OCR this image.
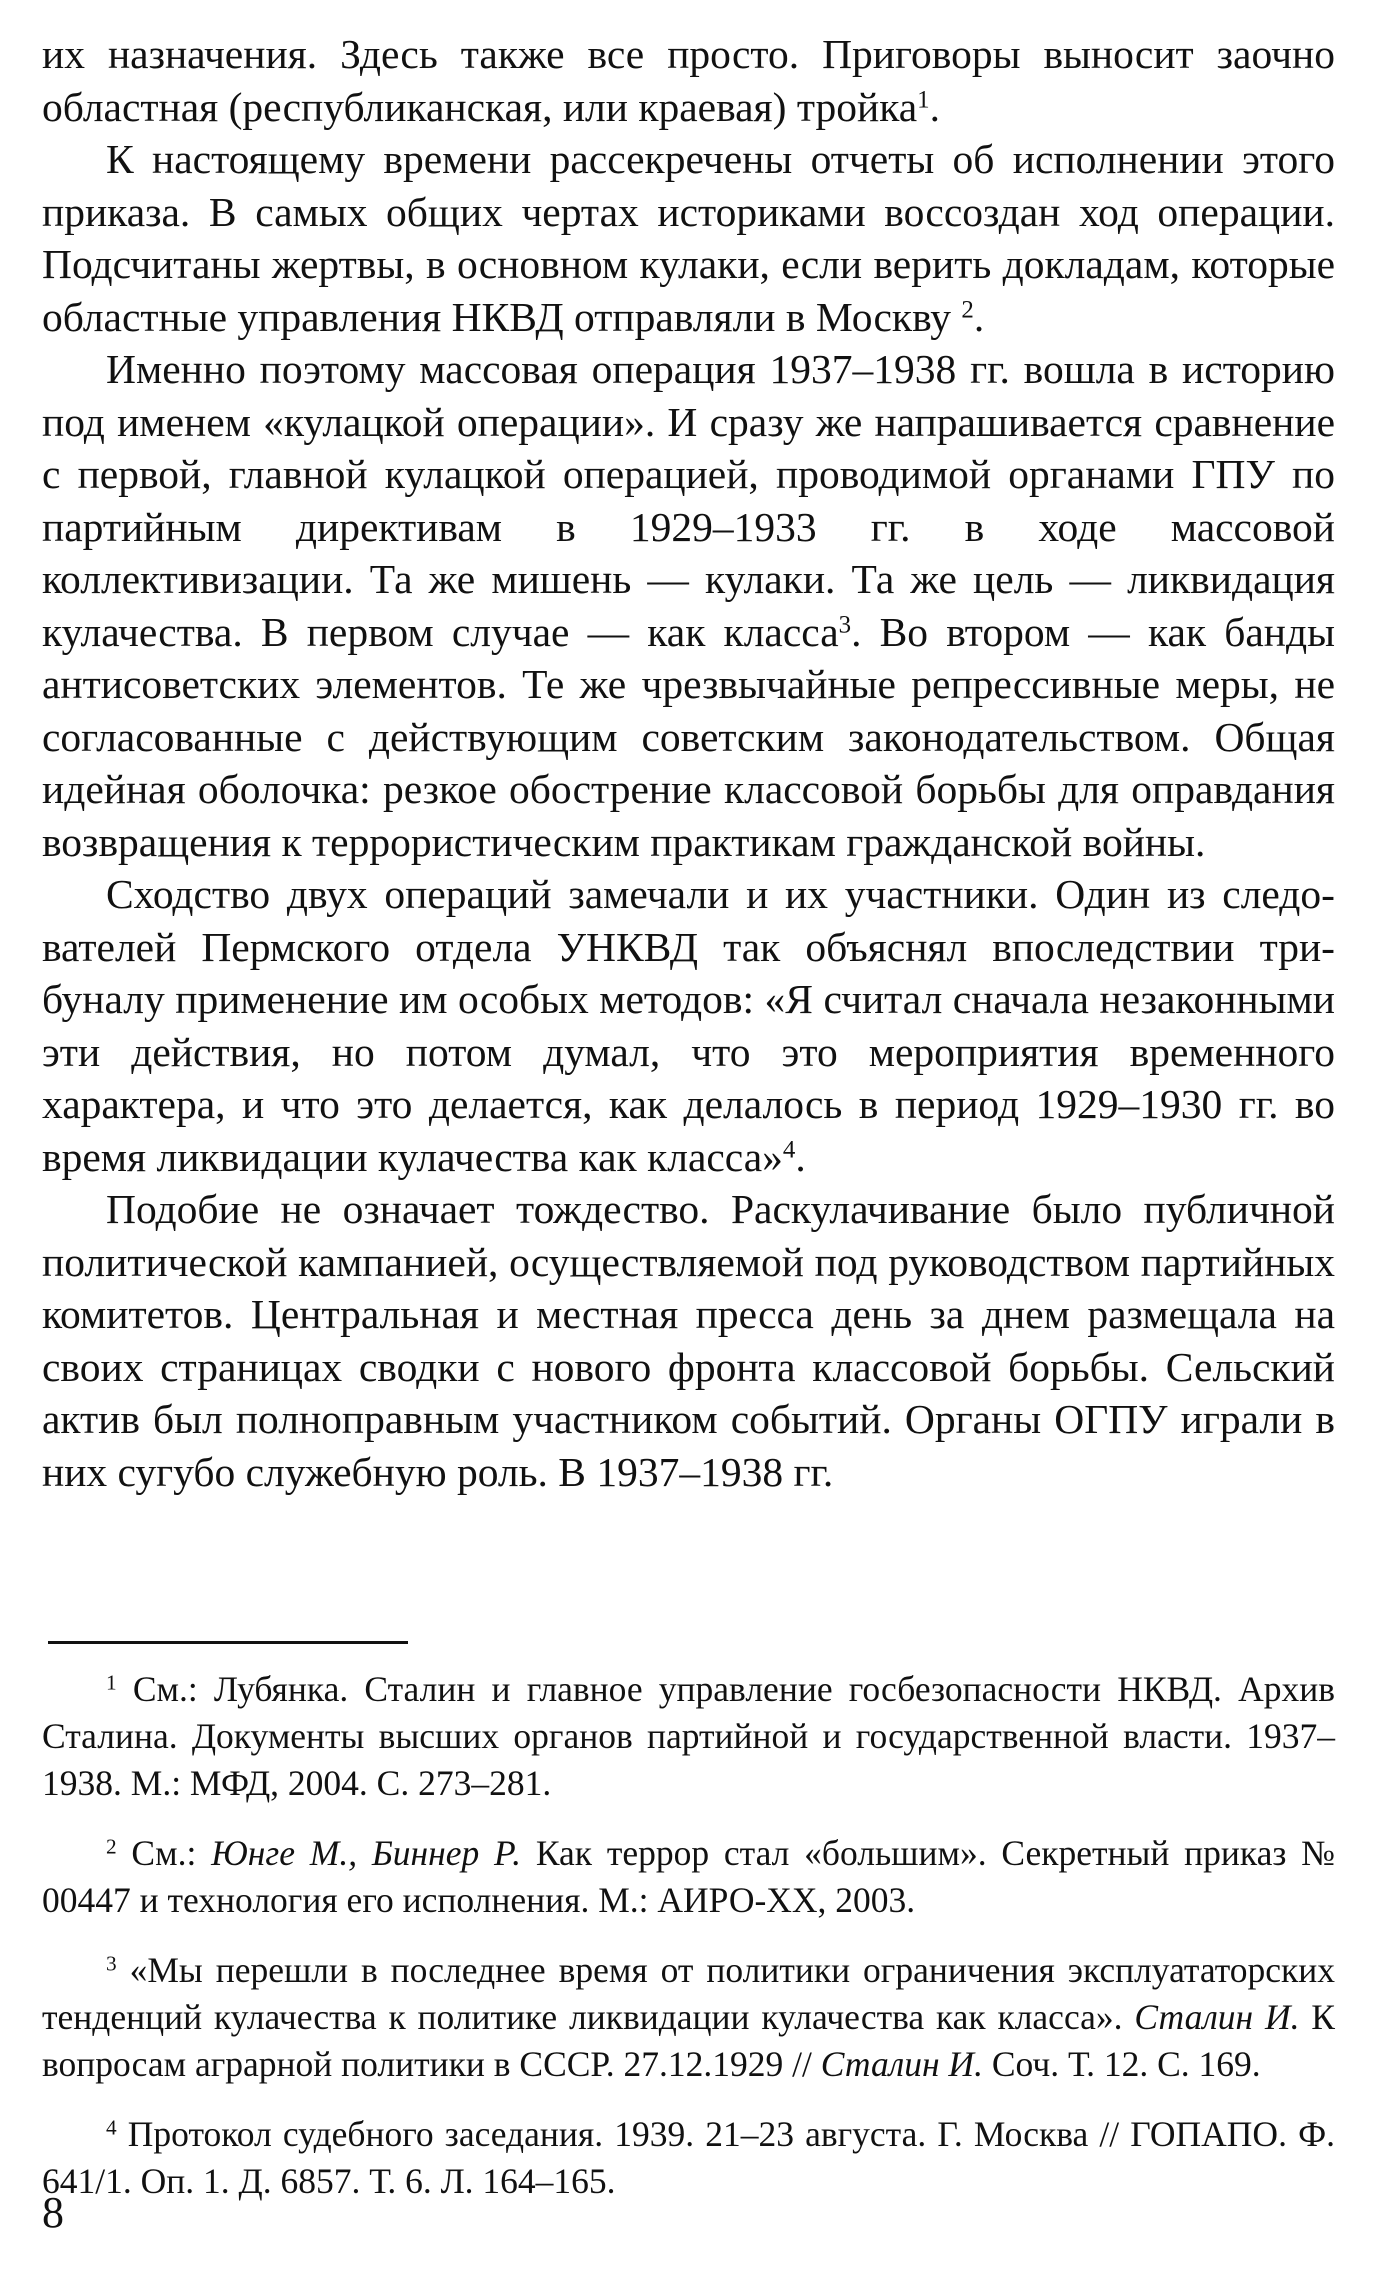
их назначения. Здесь также все просто. Приговоры выносит заочно областная (республиканская, или краевая) тройка$^1$.

К настоящему времени рассекречены отчеты об исполнении этого приказа. В самых общих чертах историками воссоздан ход операции. Подсчитаны жертвы, в основном кулаки, если верить докладам, которые областные управления НКВД отправляли в Москву $^2$.

Именно поэтому массовая операция 1937–1938 гг. вошла в историю под именем «кулацкой операции». И сразу же напрашивается сравнение с первой, главной кулацкой операцией, проводимой органами ГПУ по партийным директивам в 1929–1933 гг. в ходе массовой коллективизации. Та же мишень — кулаки. Та же цель — ликвидация кулачества. В первом случае — как класса$^3$. Во втором — как банды антисоветских элементов. Те же чрезвычайные репрессивные меры, не согласованные с действующим советским законодательством. Общая идейная оболочка: резкое обострение классовой борьбы для оправдания возвращения к террористическим практикам гражданской войны.

Сходство двух операций замечали и их участники. Один из следователей Пермского отдела УНКВД так объяснял впоследствии трибуналу применение им особых методов: «Я считал сначала незаконными эти действия, но потом думал, что это мероприятия временного характера, и что это делается, как делалось в период 1929–1930 гг. во время ликвидации кулачества как класса»$^4$.

Подобие не означает тождество. Раскулачивание было публичной политической кампанией, осуществляемой под руководством партийных комитетов. Центральная и местная пресса день за днем размещала на своих страницах сводки с нового фронта классовой борьбы. Сельский актив был полноправным участником событий. Органы ОГПУ играли в них сугубо служебную роль. В 1937–1938 гг.

$^1$ См.: Лубянка. Сталин и главное управление госбезопасности НКВД. Архив Сталина. Документы высших органов партийной и государственной власти. 1937–1938. М.: МФД, 2004. С. 273–281.

$^2$ См.: Юнге М., Биннер Р. Как террор стал «большим». Секретный приказ № 00447 и технология его исполнения. М.: АИРО-XX, 2003.

$^3$ «Мы перешли в последнее время от политики ограничения эксплуататорских тенденций кулачества к политике ликвидации кулачества как класса». Сталин И. К вопросам аграрной политики в СССР. 27.12.1929 // Сталин И. Соч. Т. 12. С. 169.

$^4$ Протокол судебного заседания. 1939. 21–23 августа. Г. Москва // ГОПАПО. Ф. 641/1. Оп. 1. Д. 6857. Т. 6. Л. 164–165.

8
